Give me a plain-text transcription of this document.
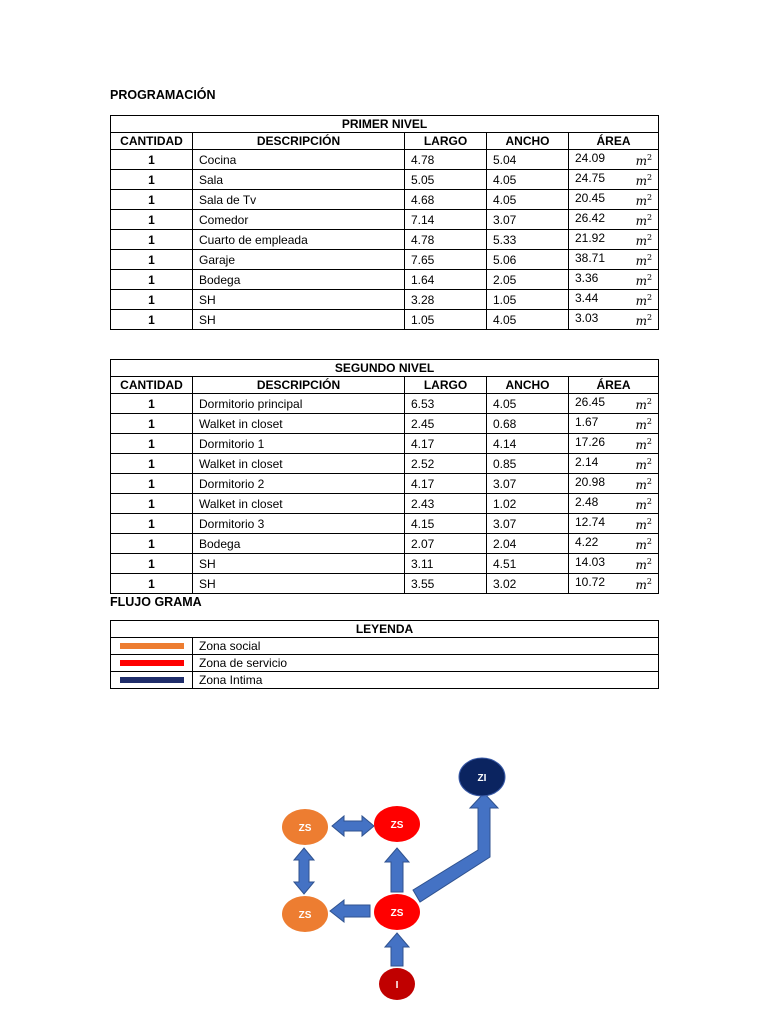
PROGRAMACIÓN
PRIMER NIVEL				
CANTIDAD	DESCRIPCIÓN	LARGO	ANCHO	ÁREA
1	Cocina	4.78	5.04	24.09 $m^2$

1	Sala	5.05	4.05	24.75 $m^2$

1	Sala de Tv	4.68	4.05	20.45 $m^2$

1	Comedor	7.14	3.07	26.42 $m^2$

1	Cuarto de empleada	4.78	5.33	21.92 $m^2$

1	Garaje	7.65	5.06	38.71 $m^2$

1	Bodega	1.64	2.05	3.36 $m^2$

1	SH	3.28	1.05	3.44 $m^2$

1	SH	1.05	4.05	3.03 $m^2$
SEGUNDO NIVEL				
CANTIDAD	DESCRIPCIÓN	LARGO	ANCHO	ÁREA
1	Dormitorio principal	6.53	4.05	26.45 $m^2$

1	Walket in closet	2.45	0.68	1.67 $m^2$

1	Dormitorio 1	4.17	4.14	17.26 $m^2$

1	Walket in closet	2.52	0.85	2.14 $m^2$

1	Dormitorio 2	4.17	3.07	20.98 $m^2$

1	Walket in closet	2.43	1.02	2.48 $m^2$

1	Dormitorio 3	4.15	3.07	12.74 $m^2$

1	Bodega	2.07	2.04	4.22 $m^2$

1	SH	3.11	4.51	14.03 $m^2$

1	SH	3.55	3.02	10.72 $m^2$
FLUJO GRAMA
LEYENDA	

	Zona social

	Zona de servicio

	Zona Intima
ZI
ZS	ZS
ZS	ZS
I
